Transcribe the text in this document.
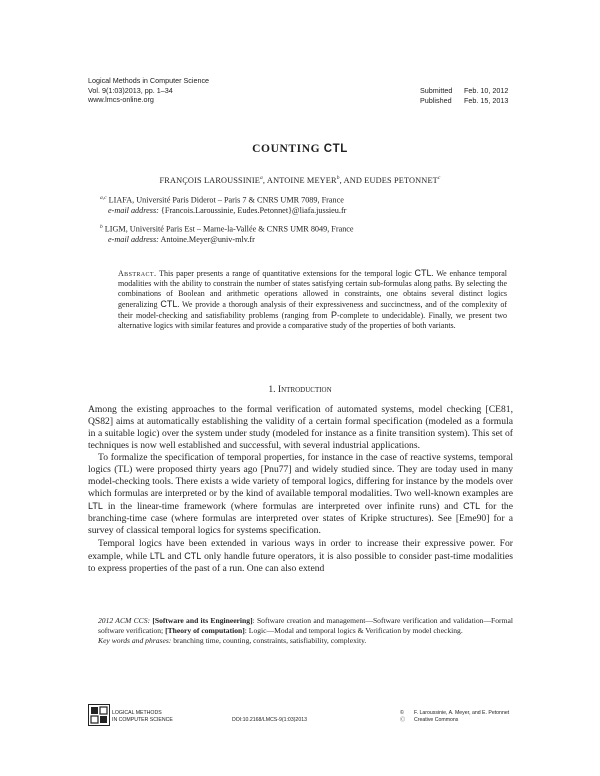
Logical Methods in Computer Science
Vol. 9(1:03)2013, pp. 1–34
www.lmcs-online.org
Submitted Feb. 10, 2012
Published Feb. 15, 2013
COUNTING CTL
FRANÇOIS LAROUSSINIE$^a$, ANTOINE MEYER$^b$, AND EUDES PETONNET$^c$
$^{a,c}$ LIAFA, Université Paris Diderot – Paris 7 & CNRS UMR 7089, France
e-mail address: {Francois.Laroussinie, Eudes.Petonnet}@liafa.jussieu.fr
$^b$ LIGM, Université Paris Est – Marne-la-Vallée & CNRS UMR 8049, France
e-mail address: Antoine.Meyer@univ-mlv.fr
Abstract. This paper presents a range of quantitative extensions for the temporal logic CTL. We enhance temporal modalities with the ability to constrain the number of states satisfying certain sub-formulas along paths. By selecting the combinations of Boolean and arithmetic operations allowed in constraints, one obtains several distinct logics generalizing CTL. We provide a thorough analysis of their expressiveness and succinctness, and of the complexity of their model-checking and satisfiability problems (ranging from P-complete to undecidable). Finally, we present two alternative logics with similar features and provide a comparative study of the properties of both variants.
1. Introduction

Among the existing approaches to the formal verification of automated systems, model checking [CE81, QS82] aims at automatically establishing the validity of a certain formal specification (modeled as a formula in a suitable logic) over the system under study (modeled for instance as a finite transition system). This set of techniques is now well established and successful, with several industrial applications.

To formalize the specification of temporal properties, for instance in the case of reactive systems, temporal logics (TL) were proposed thirty years ago [Pnu77] and widely studied since. They are today used in many model-checking tools. There exists a wide variety of temporal logics, differing for instance by the models over which formulas are interpreted or by the kind of available temporal modalities. Two well-known examples are LTL in the linear-time framework (where formulas are interpreted over infinite runs) and CTL for the branching-time case (where formulas are interpreted over states of Kripke structures). See [Eme90] for a survey of classical temporal logics for systems specification.

Temporal logics have been extended in various ways in order to increase their expressive power. For example, while LTL and CTL only handle future operators, it is also possible to consider past-time modalities to express properties of the past of a run. One can also extend

2012 ACM CCS: [Software and its Engineering]: Software creation and management—Software verification and validation—Formal software verification; [Theory of computation]: Logic—Modal and temporal logics & Verification by model checking.
Key words and phrases: branching time, counting, constraints, satisfiability, complexity.
LOGICAL METHODS
IN COMPUTER SCIENCE	DOI:10.2168/LMCS-9(1:03)2013
© F. Laroussinie, A. Meyer, and E. Petonnet
Ⓒ Creative Commons
